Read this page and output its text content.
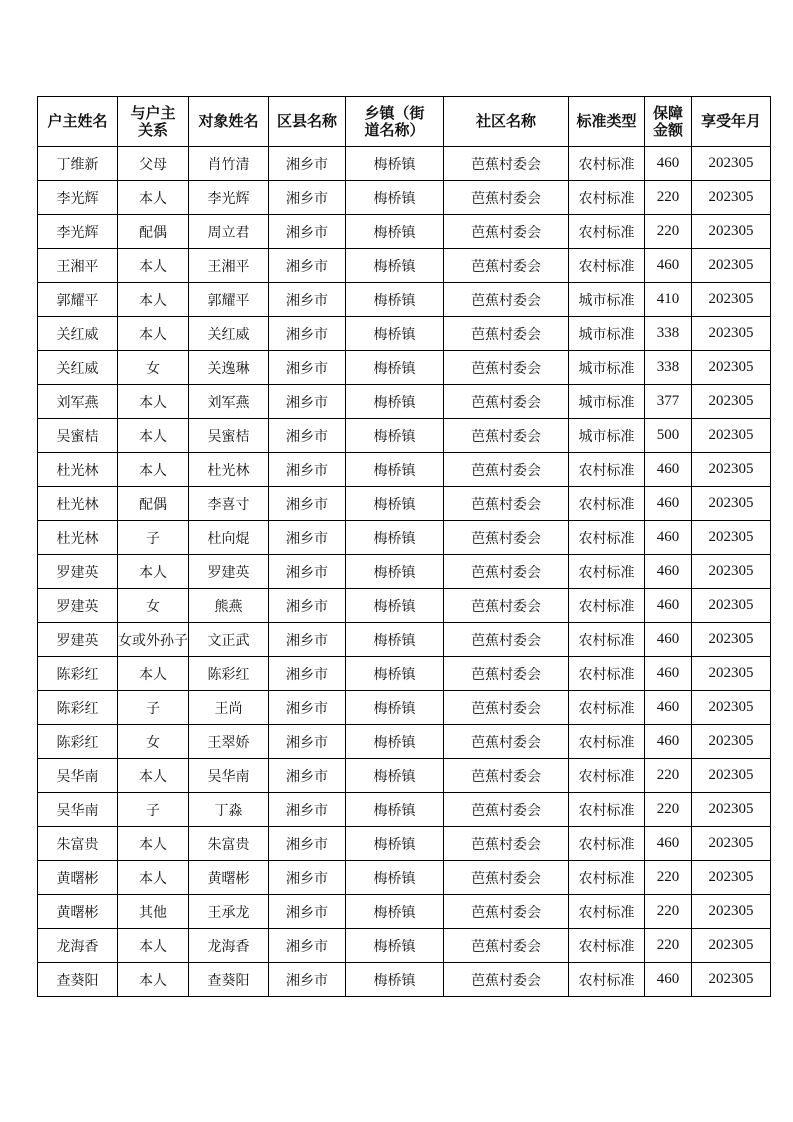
户主姓名	与户主关系	对象姓名	区县名称	乡镇（街道名称）	社区名称	标准类型	保障金额	享受年月
丁维新	父母	肖竹清	湘乡市	梅桥镇	芭蕉村委会	农村标准	460	202305
李光辉	本人	李光辉	湘乡市	梅桥镇	芭蕉村委会	农村标准	220	202305
李光辉	配偶	周立君	湘乡市	梅桥镇	芭蕉村委会	农村标准	220	202305
王湘平	本人	王湘平	湘乡市	梅桥镇	芭蕉村委会	农村标准	460	202305
郭耀平	本人	郭耀平	湘乡市	梅桥镇	芭蕉村委会	城市标准	410	202305
关红威	本人	关红威	湘乡市	梅桥镇	芭蕉村委会	城市标准	338	202305
关红威	女	关逸琳	湘乡市	梅桥镇	芭蕉村委会	城市标准	338	202305
刘军燕	本人	刘军燕	湘乡市	梅桥镇	芭蕉村委会	城市标准	377	202305
吴蜜桔	本人	吴蜜桔	湘乡市	梅桥镇	芭蕉村委会	城市标准	500	202305
杜光林	本人	杜光林	湘乡市	梅桥镇	芭蕉村委会	农村标准	460	202305
杜光林	配偶	李喜寸	湘乡市	梅桥镇	芭蕉村委会	农村标准	460	202305
杜光林	子	杜向焜	湘乡市	梅桥镇	芭蕉村委会	农村标准	460	202305
罗建英	本人	罗建英	湘乡市	梅桥镇	芭蕉村委会	农村标准	460	202305
罗建英	女	熊燕	湘乡市	梅桥镇	芭蕉村委会	农村标准	460	202305
罗建英	女或外孙子	文正武	湘乡市	梅桥镇	芭蕉村委会	农村标准	460	202305
陈彩红	本人	陈彩红	湘乡市	梅桥镇	芭蕉村委会	农村标准	460	202305
陈彩红	子	王尚	湘乡市	梅桥镇	芭蕉村委会	农村标准	460	202305
陈彩红	女	王翠娇	湘乡市	梅桥镇	芭蕉村委会	农村标准	460	202305
吴华南	本人	吴华南	湘乡市	梅桥镇	芭蕉村委会	农村标准	220	202305
吴华南	子	丁淼	湘乡市	梅桥镇	芭蕉村委会	农村标准	220	202305
朱富贵	本人	朱富贵	湘乡市	梅桥镇	芭蕉村委会	农村标准	460	202305
黄曙彬	本人	黄曙彬	湘乡市	梅桥镇	芭蕉村委会	农村标准	220	202305
黄曙彬	其他	王承龙	湘乡市	梅桥镇	芭蕉村委会	农村标准	220	202305
龙海香	本人	龙海香	湘乡市	梅桥镇	芭蕉村委会	农村标准	220	202305
查葵阳	本人	查葵阳	湘乡市	梅桥镇	芭蕉村委会	农村标准	460	202305
